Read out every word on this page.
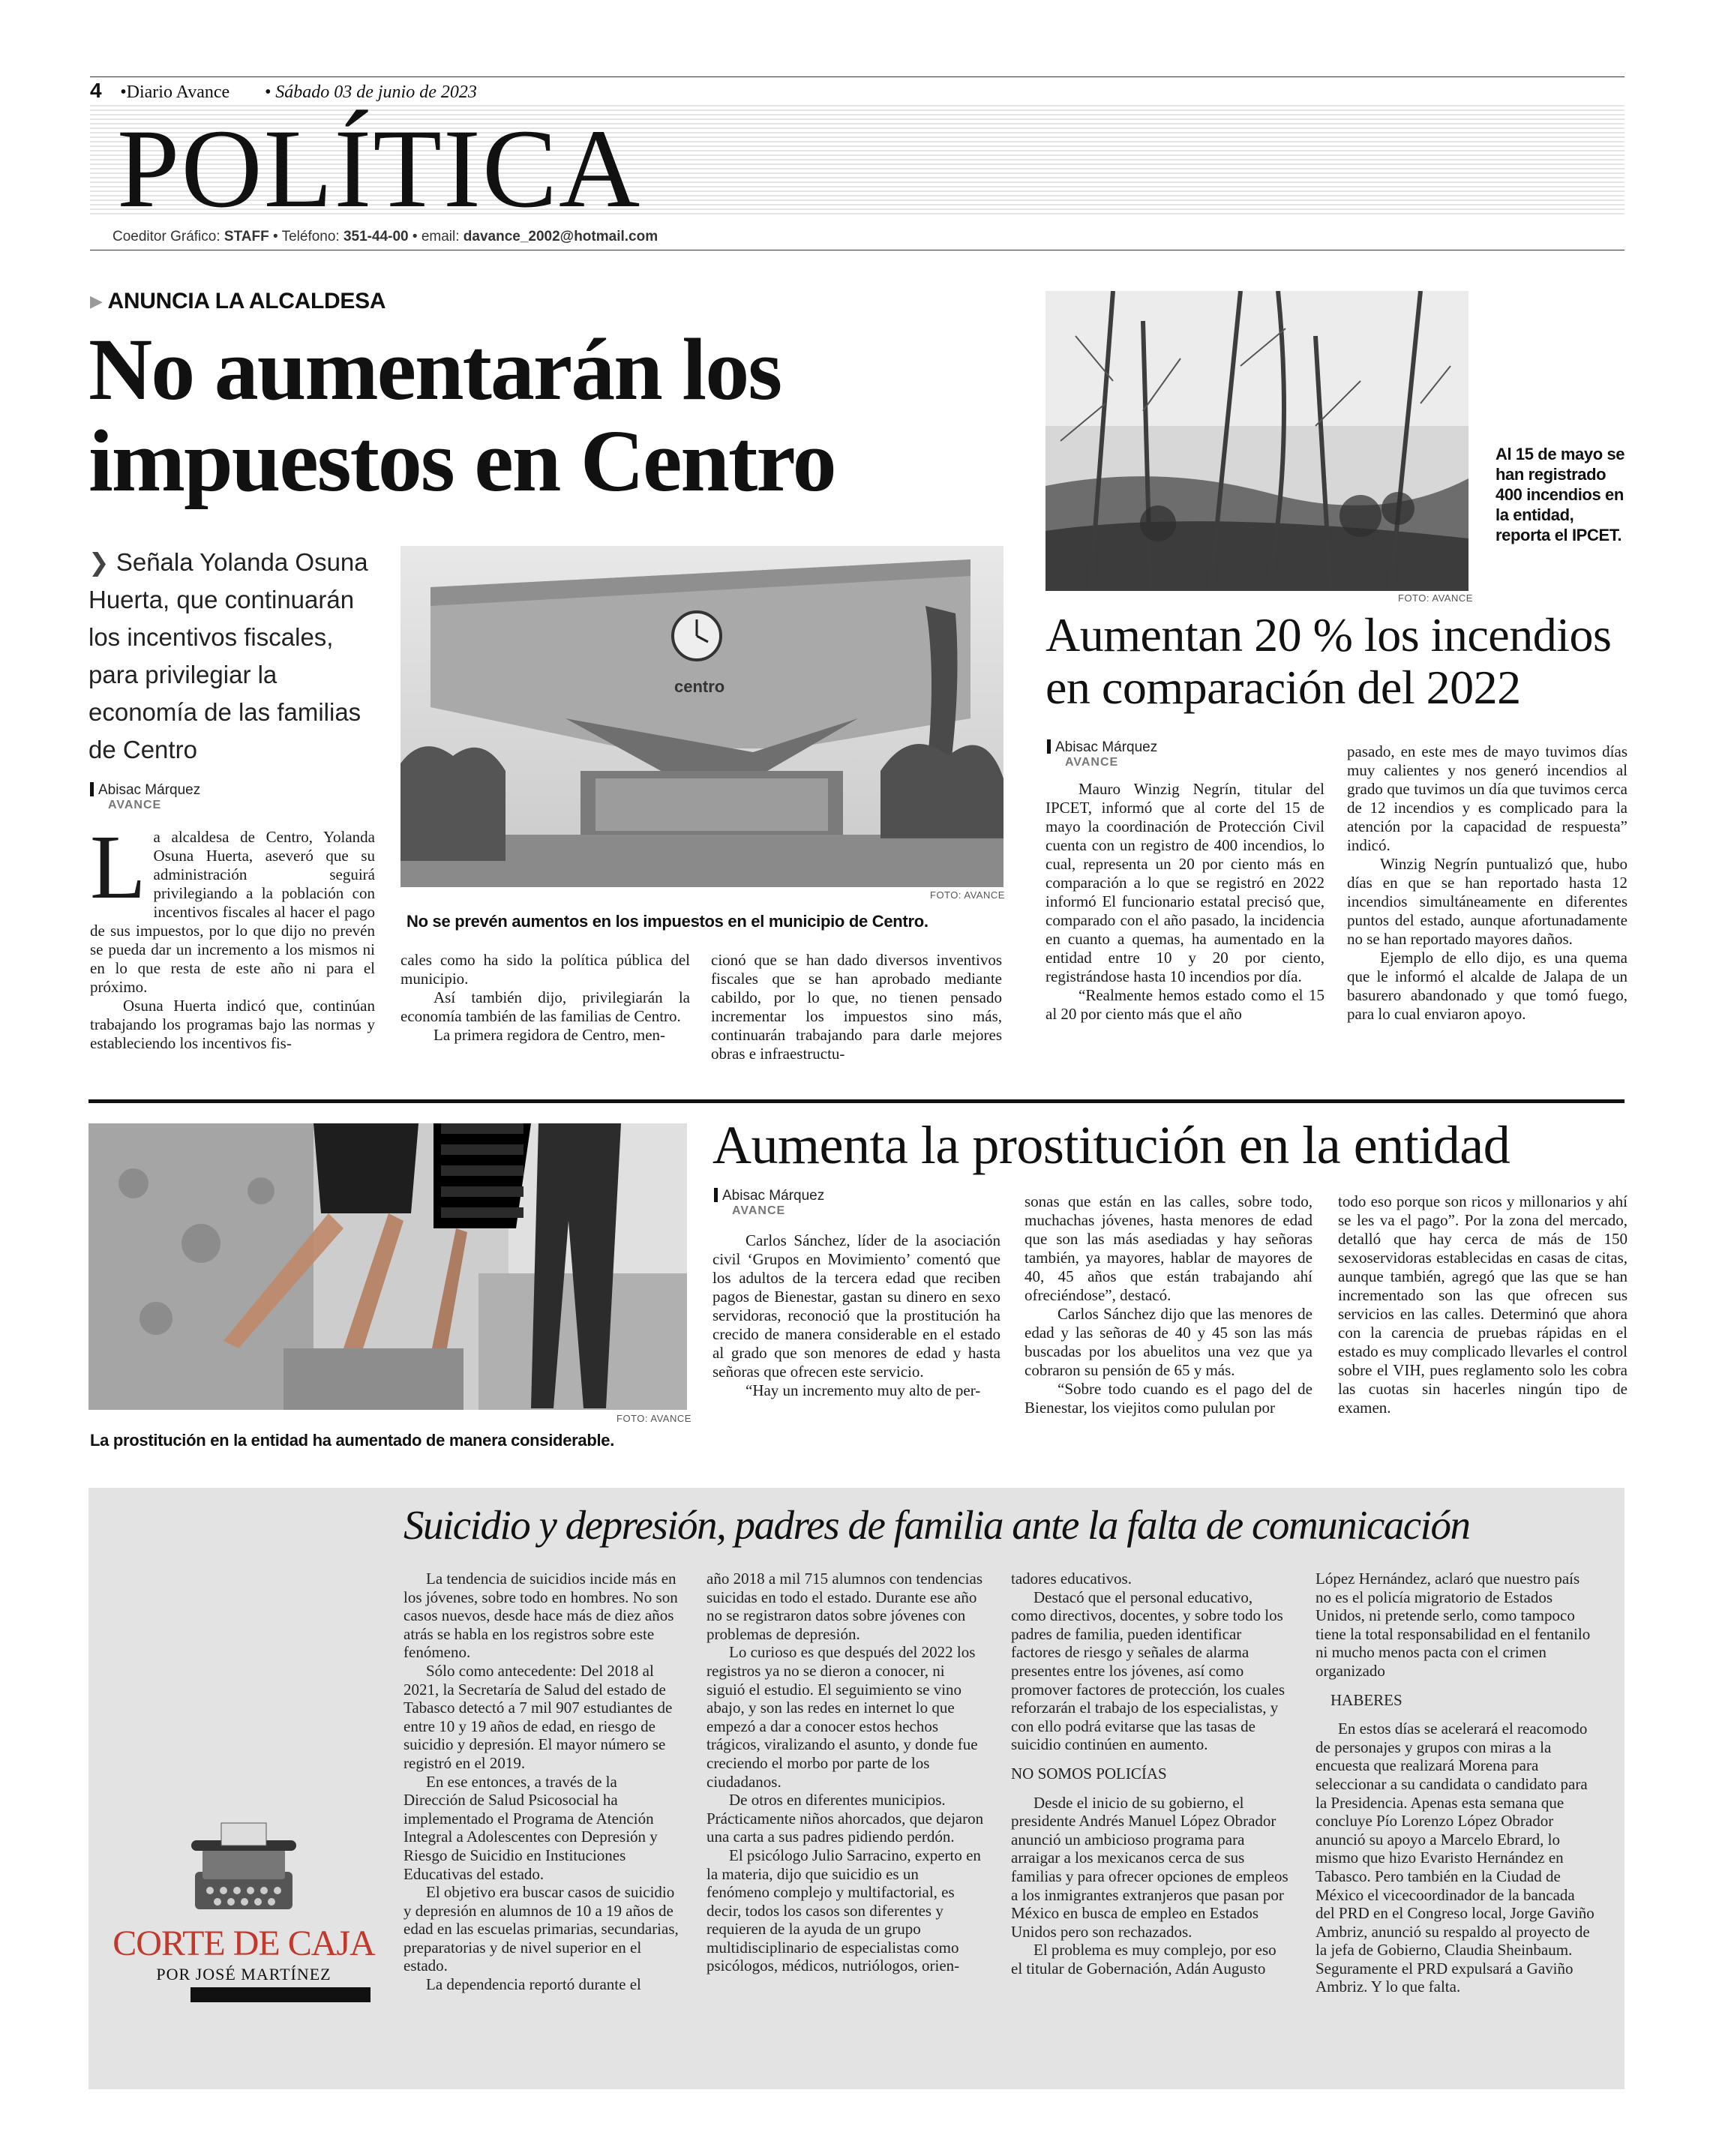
4 •Diario Avance • Sábado 03 de junio de 2023
POLÍTICA
Coeditor Gráfico: STAFF • Teléfono: 351-44-00 • email: davance_2002@hotmail.com
▶ ANUNCIA LA ALCALDESA
No aumentarán los impuestos en Centro
❯ Señala Yolanda Osuna Huerta, que continuarán los incentivos fiscales, para privilegiar la economía de las familias de Centro
Abisac Márquez
AVANCE
centro
FOTO: AVANCE
No se prevén aumentos en los impuestos en el municipio de Centro.

La alcaldesa de Centro, Yolanda Osuna Huerta, aseveró que su administración seguirá privilegiando a la población con incentivos fiscales al hacer el pago de sus impuestos, por lo que dijo no prevén se pueda dar un incremento a los mismos ni en lo que resta de este año ni para el próximo.

Osuna Huerta indicó que, continúan trabajando los programas bajo las normas y estableciendo los incentivos fis-

cales como ha sido la política pública del municipio.

Así también dijo, privilegiarán la economía también de las familias de Centro.

La primera regidora de Centro, men-

cionó que se han dado diversos inventivos fiscales que se han aprobado mediante cabildo, por lo que, no tienen pensado incrementar los impuestos sino más, continuarán trabajando para darle mejores obras e infraestructu-

FOTO: AVANCE
Al 15 de mayo se han registrado 400 incendios en la entidad, reporta el IPCET.
Aumentan 20 % los incendios en comparación del 2022
Abisac Márquez
AVANCE

Mauro Winzig Negrín, titular del IPCET, informó que al corte del 15 de mayo la coordinación de Protección Civil cuenta con un registro de 400 incendios, lo cual, representa un 20 por ciento más en comparación a lo que se registró en 2022 informó El funcionario estatal precisó que, comparado con el año pasado, la incidencia en cuanto a quemas, ha aumentado en la entidad entre 10 y 20 por ciento, registrándose hasta 10 incendios por día.

“Realmente hemos estado como el 15 al 20 por ciento más que el año

pasado, en este mes de mayo tuvimos días muy calientes y nos generó incendios al grado que tuvimos un día que tuvimos cerca de 12 incendios y es complicado para la atención por la capacidad de respuesta” indicó.

Winzig Negrín puntualizó que, hubo días en que se han reportado hasta 12 incendios simultáneamente en diferentes puntos del estado, aunque afortunadamente no se han reportado mayores daños.

Ejemplo de ello dijo, es una quema que le informó el alcalde de Jalapa de un basurero abandonado y que tomó fuego, para lo cual enviaron apoyo.

FOTO: AVANCE
La prostitución en la entidad ha aumentado de manera considerable.
Aumenta la prostitución en la entidad
Abisac Márquez
AVANCE

Carlos Sánchez, líder de la asociación civil ‘Grupos en Movimiento’ comentó que los adultos de la tercera edad que reciben pagos de Bienestar, gastan su dinero en sexo servidoras, reconoció que la prostitución ha crecido de manera considerable en el estado al grado que son menores de edad y hasta señoras que ofrecen este servicio.

“Hay un incremento muy alto de per-

sonas que están en las calles, sobre todo, muchachas jóvenes, hasta menores de edad que son las más asediadas y hay señoras también, ya mayores, hablar de mayores de 40, 45 años que están trabajando ahí ofreciéndose”, destacó.

Carlos Sánchez dijo que las menores de edad y las señoras de 40 y 45 son las más buscadas por los abuelitos una vez que ya cobraron su pensión de 65 y más.

“Sobre todo cuando es el pago del de Bienestar, los viejitos como pululan por

todo eso porque son ricos y millonarios y ahí se les va el pago”. Por la zona del mercado, detalló que hay cerca de más de 150 sexoservidoras establecidas en casas de citas, aunque también, agregó que las que se han incrementado son las que ofrecen sus servicios en las calles. Determinó que ahora con la carencia de pruebas rápidas en el estado es muy complicado llevarles el control sobre el VIH, pues reglamento solo les cobra las cuotas sin hacerles ningún tipo de examen.

Suicidio y depresión, padres de familia ante la falta de comunicación
CORTE DE CAJA
POR JOSÉ MARTÍNEZ

La tendencia de suicidios incide más en los jóvenes, sobre todo en hombres. No son casos nuevos, desde hace más de diez años atrás se habla en los registros sobre este fenómeno.

Sólo como antecedente: Del 2018 al 2021, la Secretaría de Salud del estado de Tabasco detectó a 7 mil 907 estudiantes de entre 10 y 19 años de edad, en riesgo de suicidio y depresión. El mayor número se registró en el 2019.

En ese entonces, a través de la Dirección de Salud Psicosocial ha implementado el Programa de Atención Integral a Adolescentes con Depresión y Riesgo de Suicidio en Instituciones Educativas del estado.

El objetivo era buscar casos de suicidio y depresión en alumnos de 10 a 19 años de edad en las escuelas primarias, secundarias, preparatorias y de nivel superior en el estado.

La dependencia reportó durante el

año 2018 a mil 715 alumnos con tendencias suicidas en todo el estado. Durante ese año no se registraron datos sobre jóvenes con problemas de depresión.

Lo curioso es que después del 2022 los registros ya no se dieron a conocer, ni siguió el estudio. El seguimiento se vino abajo, y son las redes en internet lo que empezó a dar a conocer estos hechos trágicos, viralizando el asunto, y donde fue creciendo el morbo por parte de los ciudadanos.

De otros en diferentes municipios. Prácticamente niños ahorcados, que dejaron una carta a sus padres pidiendo perdón.

El psicólogo Julio Sarracino, experto en la materia, dijo que suicidio es un fenómeno complejo y multifactorial, es decir, todos los casos son diferentes y requieren de la ayuda de un grupo multidisciplinario de especialistas como psicólogos, médicos, nutriólogos, orien-

tadores educativos.

Destacó que el personal educativo, como directivos, docentes, y sobre todo los padres de familia, pueden identificar factores de riesgo y señales de alarma presentes entre los jóvenes, así como promover factores de protección, los cuales reforzarán el trabajo de los especialistas, y con ello podrá evitarse que las tasas de suicidio continúen en aumento.

NO SOMOS POLICÍAS

Desde el inicio de su gobierno, el presidente Andrés Manuel López Obrador anunció un ambicioso programa para arraigar a los mexicanos cerca de sus familias y para ofrecer opciones de empleos a los inmigrantes extranjeros que pasan por México en busca de empleo en Estados Unidos pero son rechazados.

El problema es muy complejo, por eso el titular de Gobernación, Adán Augusto

López Hernández, aclaró que nuestro país no es el policía migratorio de Estados Unidos, ni pretende serlo, como tampoco tiene la total responsabilidad en el fentanilo ni mucho menos pacta con el crimen organizado

HABERES

En estos días se acelerará el reacomodo de personajes y grupos con miras a la encuesta que realizará Morena para seleccionar a su candidata o candidato para la Presidencia. Apenas esta semana que concluye Pío Lorenzo López Obrador anunció su apoyo a Marcelo Ebrard, lo mismo que hizo Evaristo Hernández en Tabasco. Pero también en la Ciudad de México el vicecoordinador de la bancada del PRD en el Congreso local, Jorge Gaviño Ambriz, anunció su respaldo al proyecto de la jefa de Gobierno, Claudia Sheinbaum. Seguramente el PRD expulsará a Gaviño Ambriz. Y lo que falta.
